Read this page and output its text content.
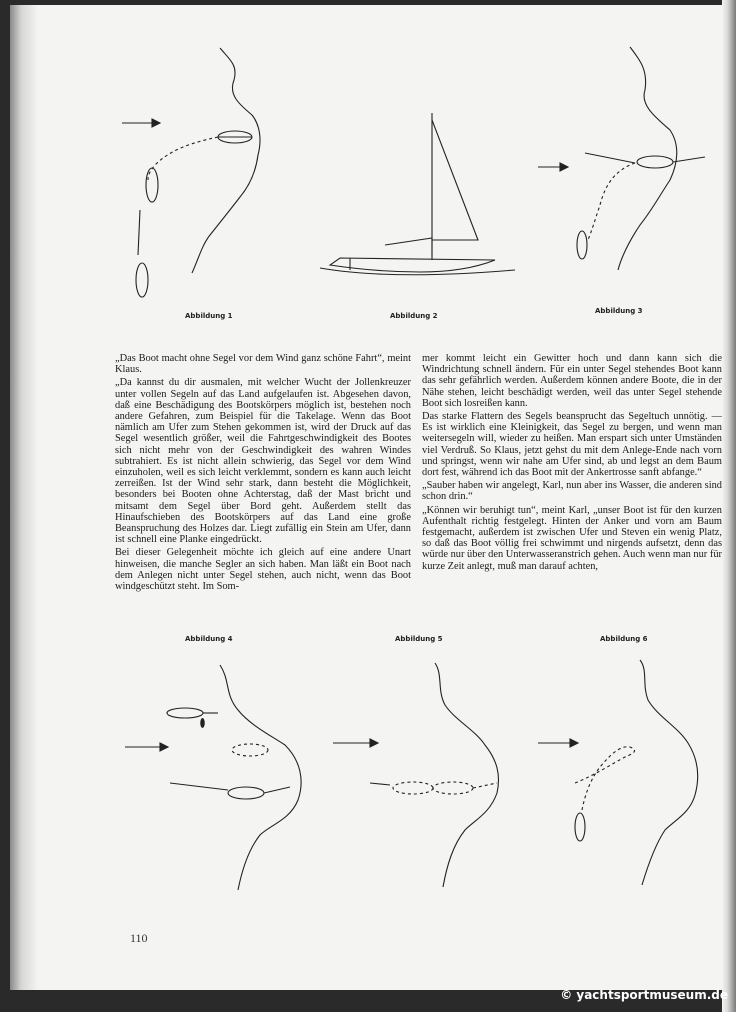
Abbildung 1	Abbildung 2
Abbildung 3

„Das Boot macht ohne Segel vor dem Wind ganz schöne Fahrt“, meint Klaus.

„Da kannst du dir ausmalen, mit welcher Wucht der Jollenkreuzer unter vollen Segeln auf das Land aufgelaufen ist. Abgesehen davon, daß eine Beschädigung des Bootskörpers möglich ist, bestehen noch andere Gefahren, zum Beispiel für die Takelage. Wenn das Boot nämlich am Ufer zum Stehen gekommen ist, wird der Druck auf das Segel wesentlich größer, weil die Fahrtgeschwindigkeit des Bootes sich nicht mehr von der Geschwindigkeit des wahren Windes subtrahiert. Es ist nicht allein schwierig, das Segel vor dem Wind einzuholen, weil es sich leicht verklemmt, sondern es kann auch leicht zerreißen. Ist der Wind sehr stark, dann besteht die Möglichkeit, besonders bei Booten ohne Achterstag, daß der Mast bricht und mitsamt dem Segel über Bord geht. Außerdem stellt das Hinaufschieben des Bootskörpers auf das Land eine große Beanspruchung des Holzes dar. Liegt zufällig ein Stein am Ufer, dann ist schnell eine Planke eingedrückt.

Bei dieser Gelegenheit möchte ich gleich auf eine andere Unart hinweisen, die manche Segler an sich haben. Man läßt ein Boot nach dem Anlegen nicht unter Segel stehen, auch nicht, wenn das Boot windgeschützt steht. Im Som-

mer kommt leicht ein Gewitter hoch und dann kann sich die Windrichtung schnell ändern. Für ein unter Segel stehendes Boot kann das sehr gefährlich werden. Außerdem können andere Boote, die in der Nähe stehen, leicht beschädigt werden, weil das unter Segel stehende Boot sich losreißen kann.

Das starke Flattern des Segels beansprucht das Segeltuch unnötig. — Es ist wirklich eine Kleinigkeit, das Segel zu bergen, und wenn man weitersegeln will, wieder zu heißen. Man erspart sich unter Umständen viel Verdruß. So Klaus, jetzt gehst du mit dem Anlege-Ende nach vorn und springst, wenn wir nahe am Ufer sind, ab und legst an dem Baum dort fest, während ich das Boot mit der Ankertrosse sanft abfange.“

„Sauber haben wir angelegt, Karl, nun aber ins Wasser, die anderen sind schon drin.“

„Können wir beruhigt tun“, meint Karl, „unser Boot ist für den kurzen Aufenthalt richtig festgelegt. Hinten der Anker und vorn am Baum festgemacht, außerdem ist zwischen Ufer und Steven ein wenig Platz, so daß das Boot völlig frei schwimmt und nirgends aufsetzt, denn das würde nur über den Unterwasseranstrich gehen. Auch wenn man nur für kurze Zeit anlegt, muß man darauf achten,

Abbildung 4	Abbildung 5	Abbildung 6
110
© yachtsportmuseum.de
